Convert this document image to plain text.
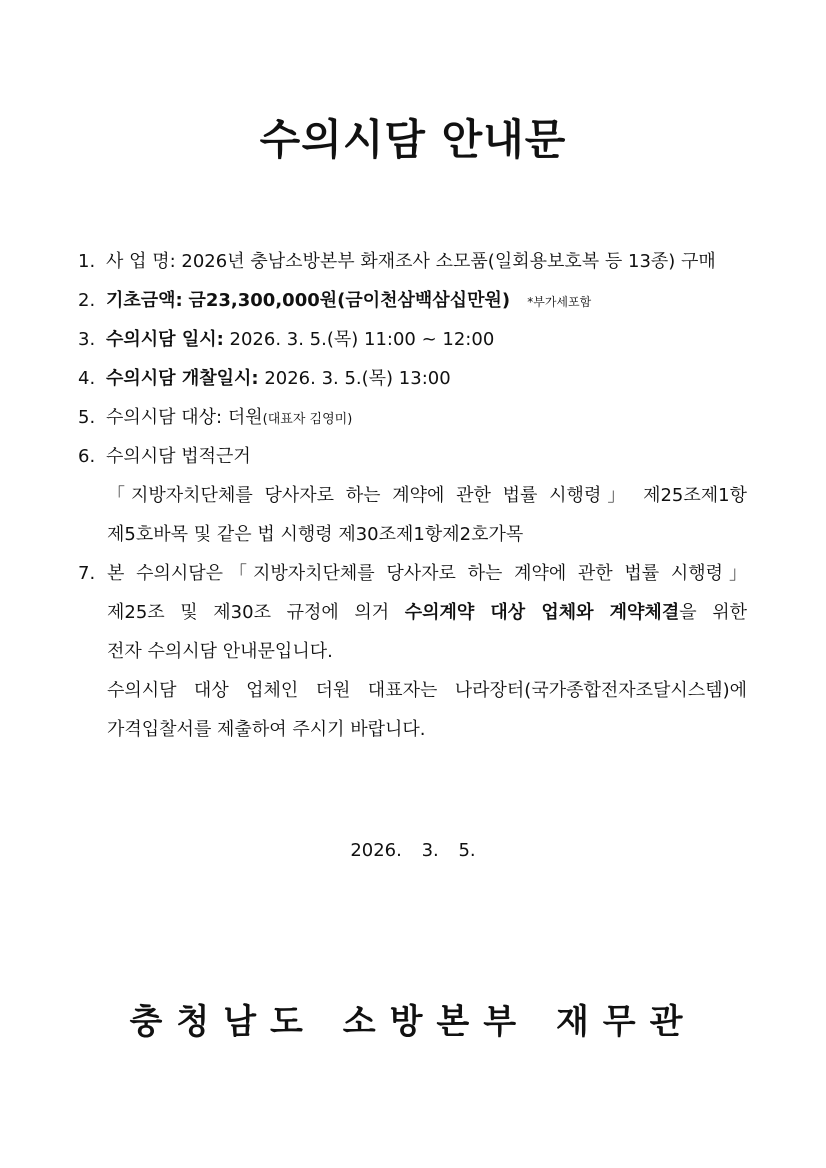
수의시담 안내문
1. 사 업 명: 2026년 충남소방본부 화재조사 소모품(일회용보호복 등 13종) 구매
2. 기초금액: 금23,300,000원(금이천삼백삼십만원) *부가세포함
3. 수의시담 일시: 2026. 3. 5.(목) 11:00 ~ 12:00
4. 수의시담 개찰일시: 2026. 3. 5.(목) 13:00
5. 수의시담 대상: 더원(대표자 김영미)
6. 수의시담 법적근거
「지방자치단체를 당사자로 하는 계약에 관한 법률 시행령」 제25조제1항
제5호바목 및 같은 법 시행령 제30조제1항제2호가목
7. 본 수의시담은「지방자치단체를 당사자로 하는 계약에 관한 법률 시행령」
제25조 및 제30조 규정에 의거 수의계약 대상 업체와 계약체결을 위한
전자 수의시담 안내문입니다.
수의시담 대상 업체인 더원 대표자는 나라장터(국가종합전자조달시스템)에
가격입찰서를 제출하여 주시기 바랍니다.
2026. 3. 5.
충청남도 소방본부 재무관
